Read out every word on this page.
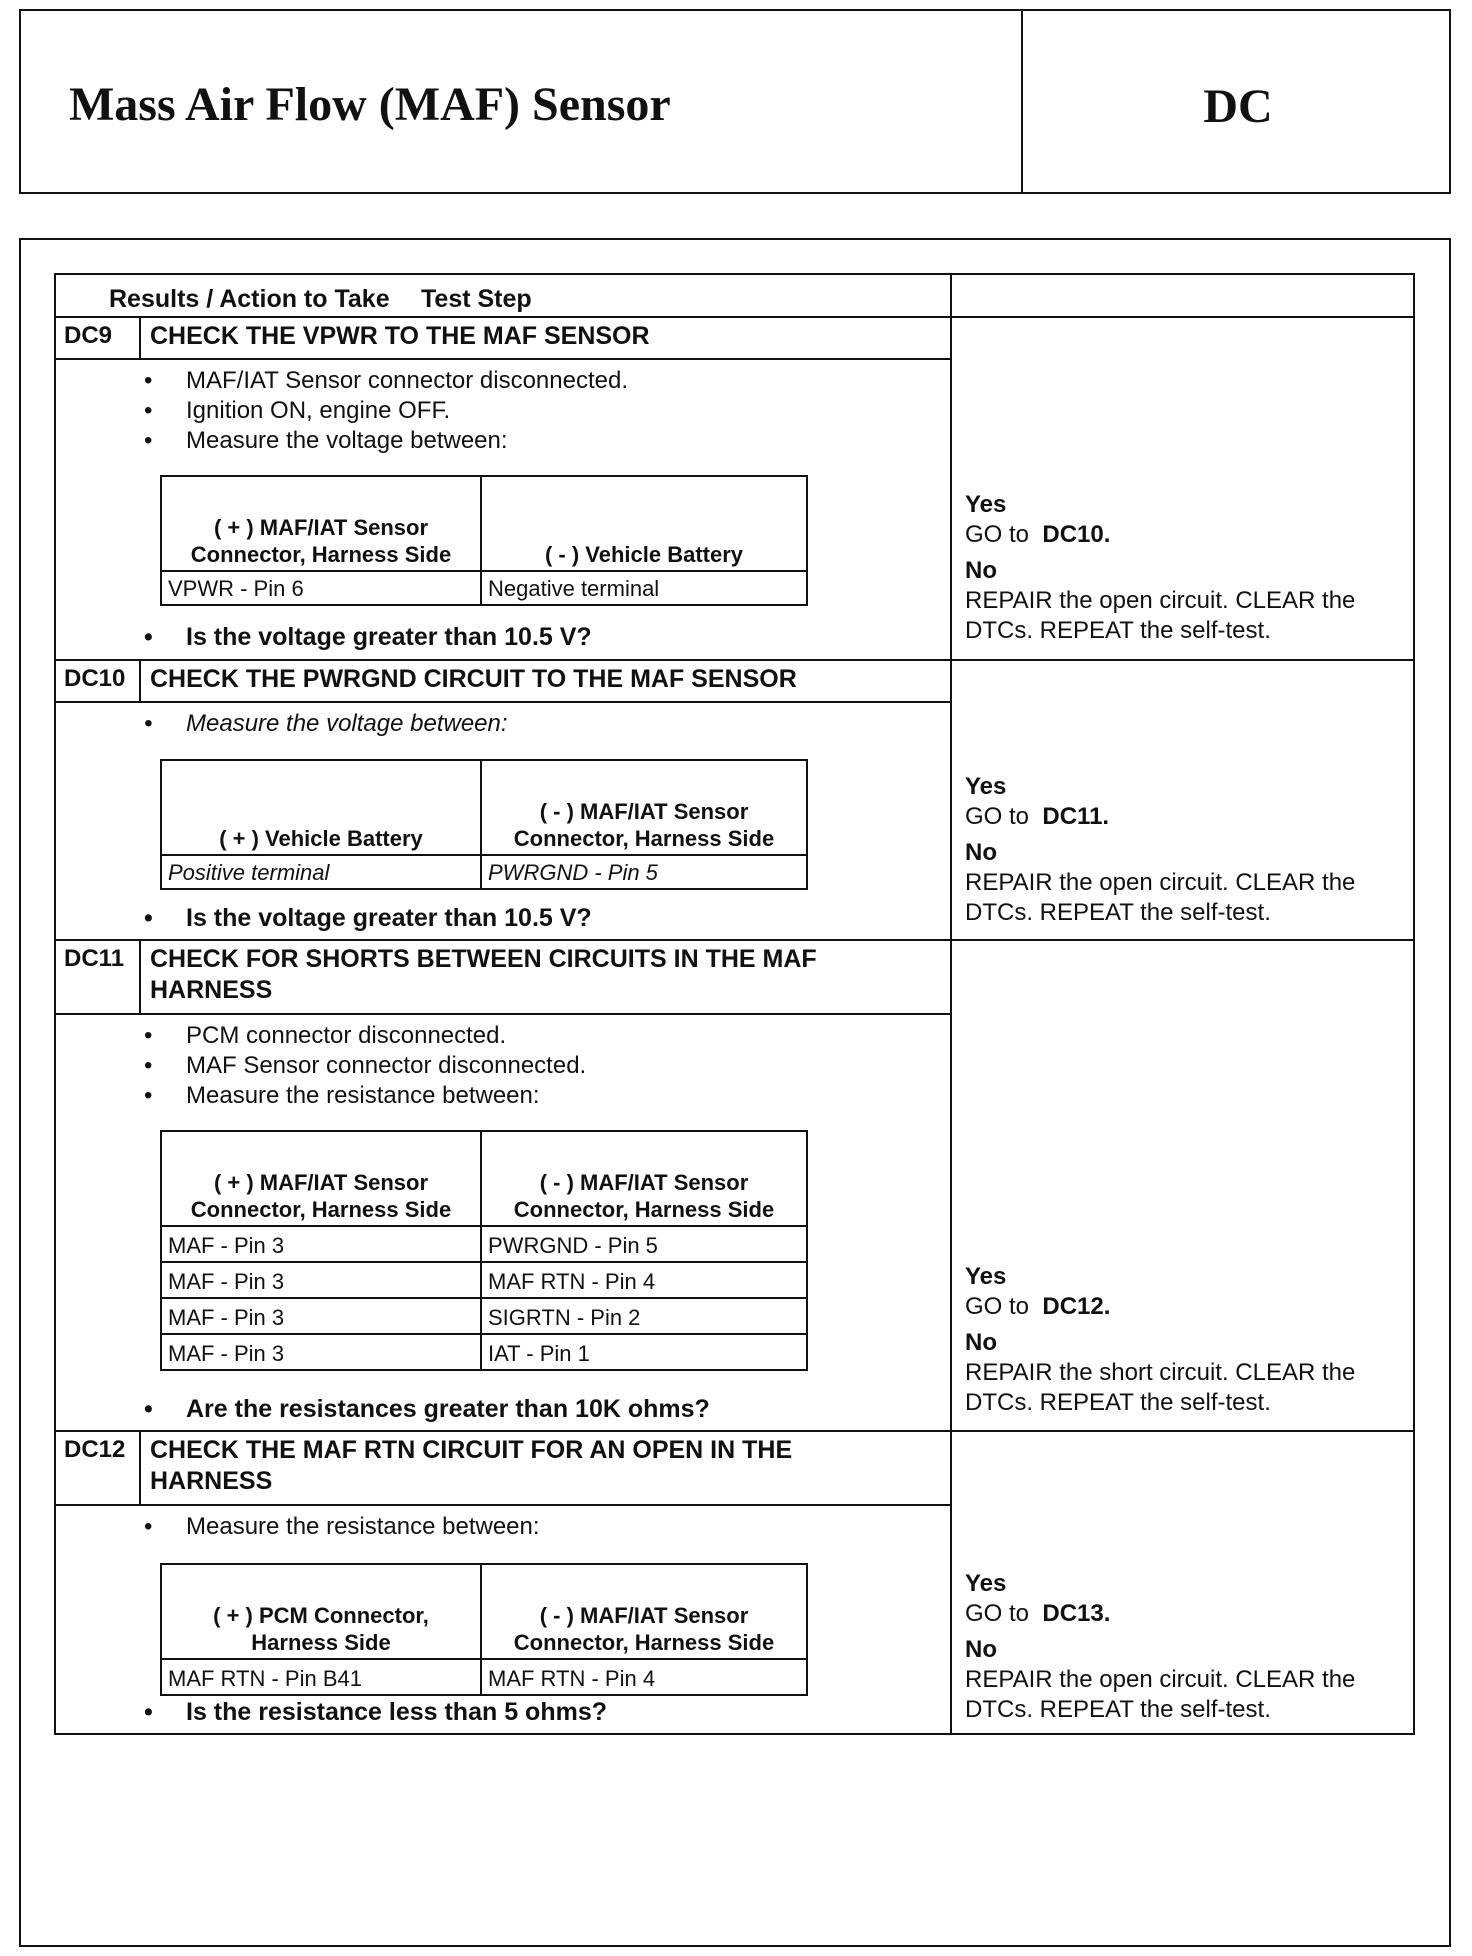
Mass Air Flow (MAF) Sensor	DC
Test Step
Results / Action to Take
DC9 CHECK THE VPWR TO THE MAF SENSOR
• MAF/IAT Sensor connector disconnected.
• Ignition ON, engine OFF.
• Measure the voltage between:
( + ) MAF/IAT Sensor Connector, Harness Side	( - ) Vehicle Battery
VPWR - Pin 6	Negative terminal
• Is the voltage greater than 10.5 V?
Yes
GO to DC10.
No
REPAIR the open circuit. CLEAR the DTCs. REPEAT the self-test.
DC10 CHECK THE PWRGND CIRCUIT TO THE MAF SENSOR
• Measure the voltage between:
( + ) Vehicle Battery	( - ) MAF/IAT Sensor Connector, Harness Side
Positive terminal	PWRGND - Pin 5
• Is the voltage greater than 10.5 V?
Yes
GO to DC11.
No
REPAIR the open circuit. CLEAR the DTCs. REPEAT the self-test.
DC11 CHECK FOR SHORTS BETWEEN CIRCUITS IN THE MAF HARNESS
• PCM connector disconnected.
• MAF Sensor connector disconnected.
• Measure the resistance between:
( + ) MAF/IAT Sensor Connector, Harness Side	( - ) MAF/IAT Sensor Connector, Harness Side
MAF - Pin 3	PWRGND - Pin 5
MAF - Pin 3	MAF RTN - Pin 4
MAF - Pin 3	SIGRTN - Pin 2
MAF - Pin 3	IAT - Pin 1
• Are the resistances greater than 10K ohms?
Yes
GO to DC12.
No
REPAIR the short circuit. CLEAR the DTCs. REPEAT the self-test.
DC12 CHECK THE MAF RTN CIRCUIT FOR AN OPEN IN THE HARNESS
• Measure the resistance between:
( + ) PCM Connector, Harness Side	( - ) MAF/IAT Sensor Connector, Harness Side
MAF RTN - Pin B41	MAF RTN - Pin 4
• Is the resistance less than 5 ohms?
Yes
GO to DC13.
No
REPAIR the open circuit. CLEAR the DTCs. REPEAT the self-test.
